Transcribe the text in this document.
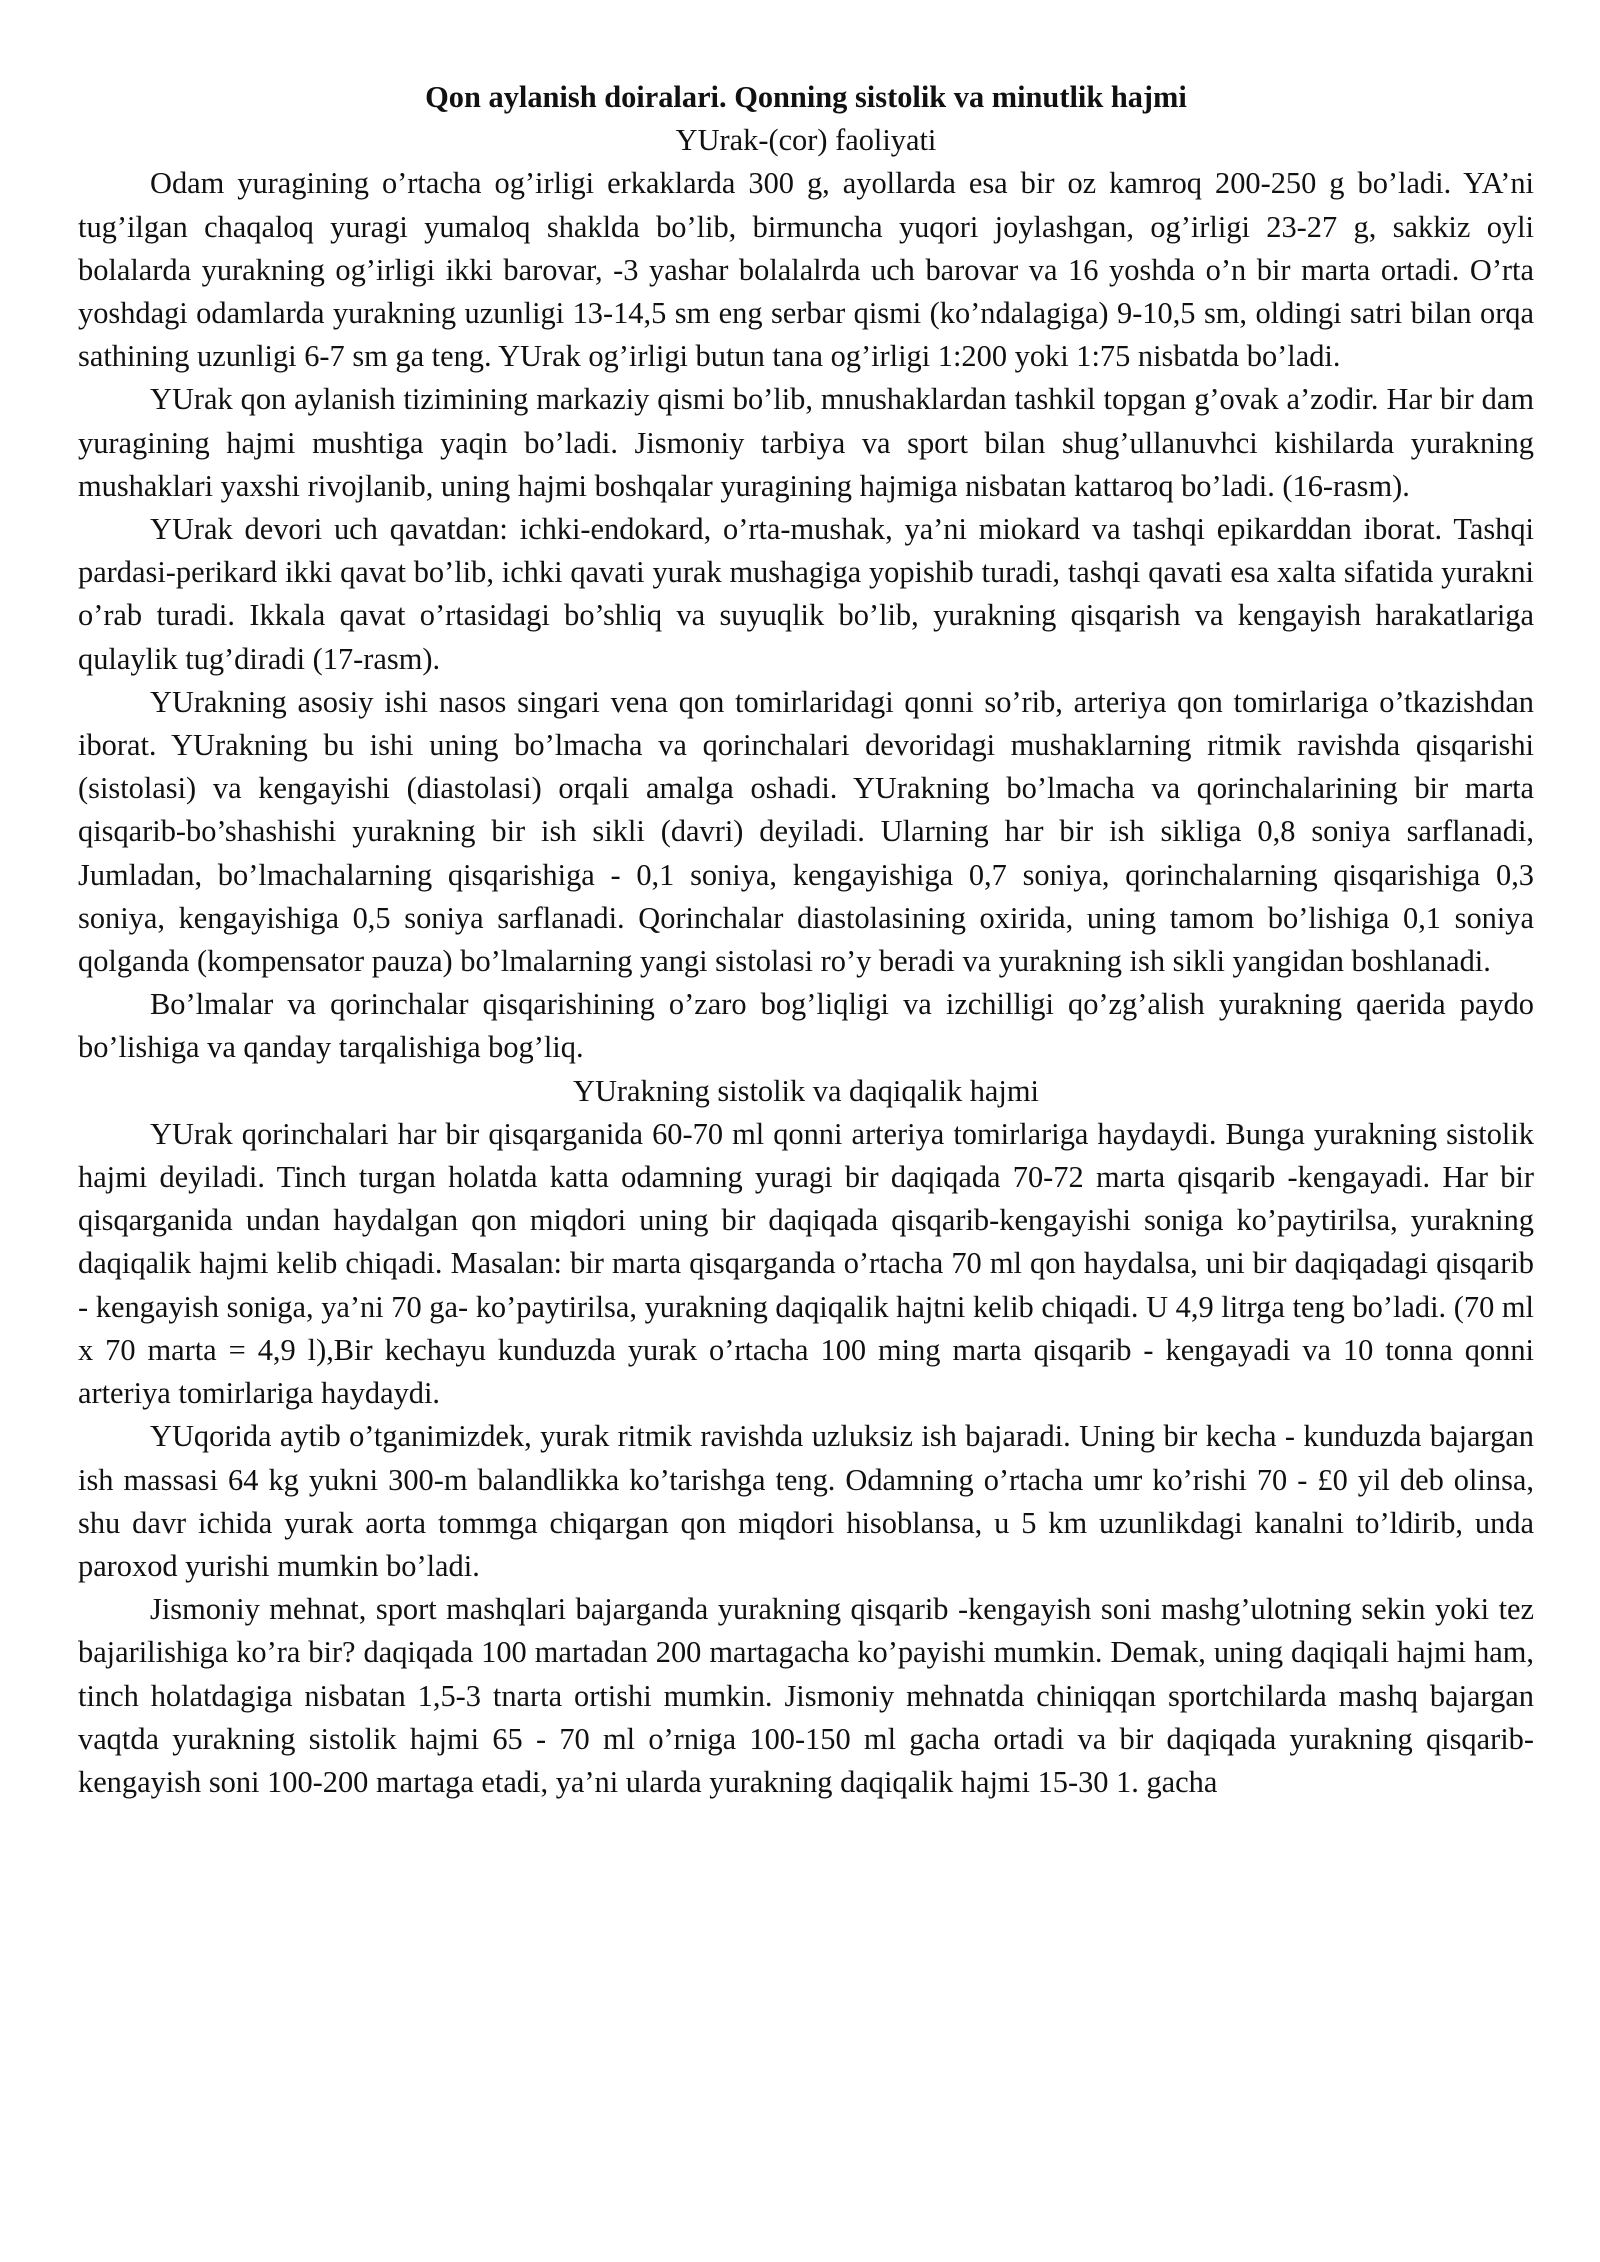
Qon aylanish doiralari. Qonning sistolik va minutlik hajmi

YUrak-(cor) faoliyati

Odam yuragining o’rtacha og’irligi erkaklarda 300 g, ayollarda esa bir oz kamroq 200-250 g bo’ladi. YA’ni tug’ilgan chaqaloq yuragi yumaloq shaklda bo’lib, birmuncha yuqori joylashgan, og’irligi 23-27 g, sakkiz oyli bolalarda yurakning og’irligi ikki barovar, -3 yashar bolalalrda uch barovar va 16 yoshda o’n bir marta ortadi. O’rta yoshdagi odamlarda yurakning uzunligi 13-14,5 sm eng serbar qismi (ko’ndalagiga) 9-10,5 sm, oldingi satri bilan orqa sathining uzunligi 6-7 sm ga teng. YUrak og’irligi butun tana og’irligi 1:200 yoki 1:75 nisbatda bo’ladi.

YUrak qon aylanish tizimining markaziy qismi bo’lib, mnushaklardan tashkil topgan g’ovak a’zodir. Har bir dam yuragining hajmi mushtiga yaqin bo’ladi. Jismoniy tarbiya va sport bilan shug’ullanuvhci kishilarda yurakning mushaklari yaxshi rivojlanib, uning hajmi boshqalar yuragining hajmiga nisbatan kattaroq bo’ladi. (16-rasm).

YUrak devori uch qavatdan: ichki-endokard, o’rta-mushak, ya’ni miokard va tashqi epikarddan iborat. Tashqi pardasi-perikard ikki qavat bo’lib, ichki qavati yurak mushagiga yopishib turadi, tashqi qavati esa xalta sifatida yurakni o’rab turadi. Ikkala qavat o’rtasidagi bo’shliq va suyuqlik bo’lib, yurakning qisqarish va kengayish harakatlariga qulaylik tug’diradi (17-rasm).

YUrakning asosiy ishi nasos singari vena qon tomirlaridagi qonni so’rib, arteriya qon tomirlariga o’tkazishdan iborat. YUrakning bu ishi uning bo’lmacha va qorinchalari devoridagi mushaklarning ritmik ravishda qisqarishi (sistolasi) va kengayishi (diastolasi) orqali amalga oshadi. YUrakning bo’lmacha va qorinchalarining bir marta qisqarib-bo’shashishi yurakning bir ish sikli (davri) deyiladi. Ularning har bir ish sikliga 0,8 soniya sarflanadi, Jumladan, bo’lmachalarning qisqarishiga - 0,1 soniya, kengayishiga 0,7 soniya, qorinchalarning qisqarishiga 0,3 soniya, kengayishiga 0,5 soniya sarflanadi. Qorinchalar diastolasining oxirida, uning tamom bo’lishiga 0,1 soniya qolganda (kompensator pauza) bo’lmalarning yangi sistolasi ro’y beradi va yurakning ish sikli yangidan boshlanadi.

Bo’lmalar va qorinchalar qisqarishining o’zaro bog’liqligi va izchilligi qo’zg’alish yurakning qaerida paydo bo’lishiga va qanday tarqalishiga bog’liq.

YUrakning sistolik va daqiqalik hajmi

YUrak qorinchalari har bir qisqarganida 60-70 ml qonni arteriya tomirlariga haydaydi. Bunga yurakning sistolik hajmi deyiladi. Tinch turgan holatda katta odamning yuragi bir daqiqada 70-72 marta qisqarib -kengayadi. Har bir qisqarganida undan haydalgan qon miqdori uning bir daqiqada qisqarib-kengayishi soniga ko’paytirilsa, yurakning daqiqalik hajmi kelib chiqadi. Masalan: bir marta qisqarganda o’rtacha 70 ml qon haydalsa, uni bir daqiqadagi qisqarib - kengayish soniga, ya’ni 70 ga- ko’paytirilsa, yurakning daqiqalik hajtni kelib chiqadi. U 4,9 litrga teng bo’ladi. (70 ml x 70 marta = 4,9 l),Bir kechayu kunduzda yurak o’rtacha 100 ming marta qisqarib - kengayadi va 10 tonna qonni arteriya tomirlariga haydaydi.

YUqorida aytib o’tganimizdek, yurak ritmik ravishda uzluksiz ish bajaradi. Uning bir kecha - kunduzda bajargan ish massasi 64 kg yukni 300-m balandlikka ko’tarishga teng. Odamning o’rtacha umr ko’rishi 70 - £0 yil deb olinsa, shu davr ichida yurak aorta tommga chiqargan qon miqdori hisoblansa, u 5 km uzunlikdagi kanalni to’ldirib, unda paroxod yurishi mumkin bo’ladi.

Jismoniy mehnat, sport mashqlari bajarganda yurakning qisqarib -kengayish soni mashg’ulotning sekin yoki tez bajarilishiga ko’ra bir? daqiqada 100 martadan 200 martagacha ko’payishi mumkin. Demak, uning daqiqali hajmi ham, tinch holatdagiga nisbatan 1,5-3 tnarta ortishi mumkin. Jismoniy mehnatda chiniqqan sportchilarda mashq bajargan vaqtda yurakning sistolik hajmi 65 - 70 ml o’rniga 100-150 ml gacha ortadi va bir daqiqada yurakning qisqarib-kengayish soni 100-200 martaga etadi, ya’ni ularda yurakning daqiqalik hajmi 15-30 1. gacha
